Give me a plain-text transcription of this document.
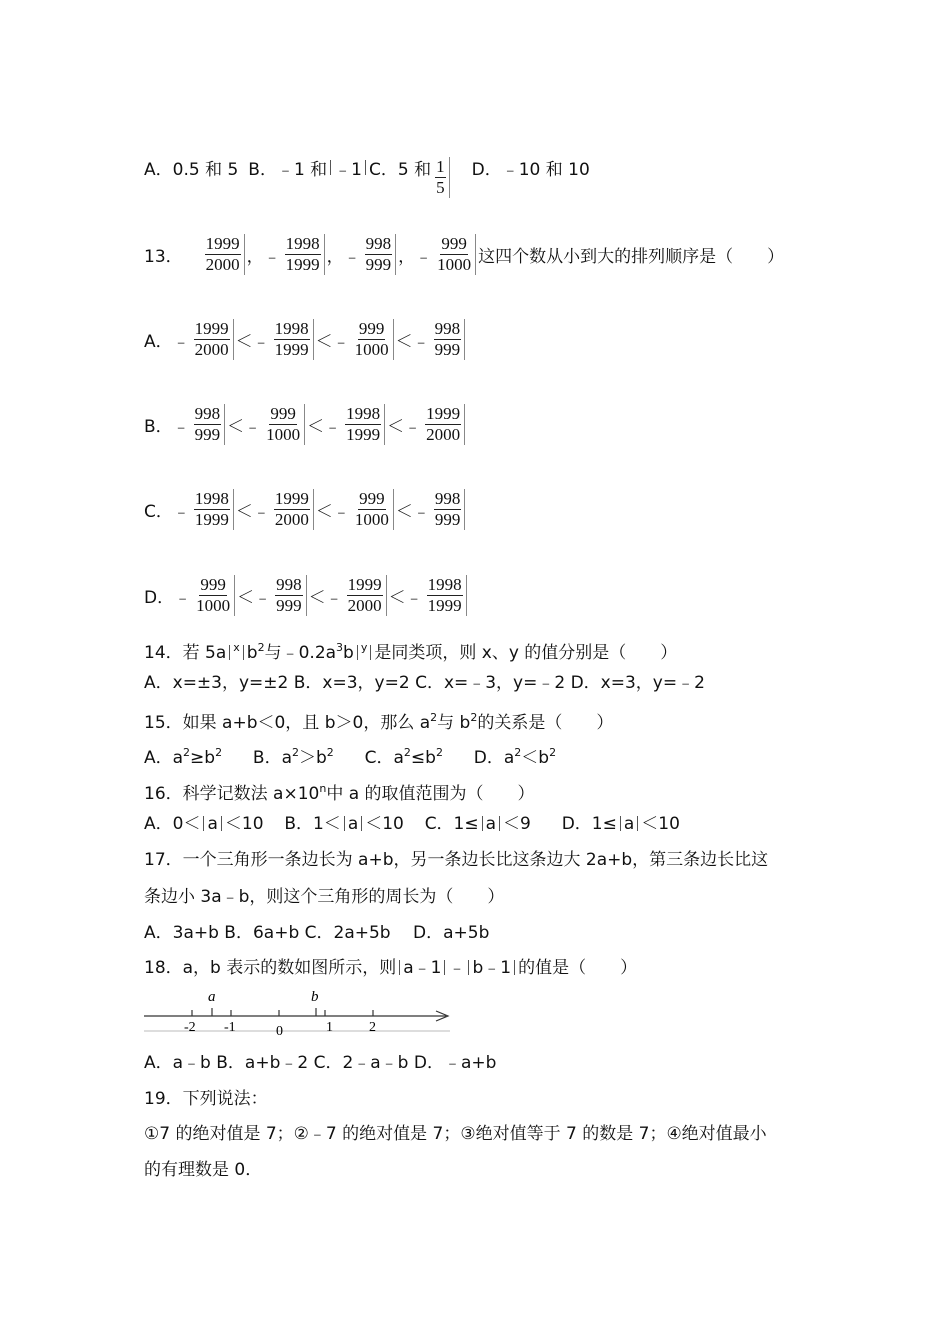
A．0.5 和 5 B．﹣1 和 ﹣1 C．5 和 $\frac{1}{5}$ D．﹣10 和 10
13． $\frac{1999}{2000}$ ，﹣ $\frac{1998}{1999}$ ，﹣ $\frac{998}{999}$ ，﹣ $\frac{999}{1000}$ 这四个数从小到大的排列顺序是（　　）
A．﹣ $\frac{1999}{2000}$ ＜﹣ $\frac{1998}{1999}$ ＜﹣ $\frac{999}{1000}$ ＜﹣ $\frac{998}{999}$
B．﹣ $\frac{998}{999}$ ＜﹣ $\frac{999}{1000}$ ＜﹣ $\frac{1998}{1999}$ ＜﹣ $\frac{1999}{2000}$
C．﹣ $\frac{1998}{1999}$ ＜﹣ $\frac{1999}{2000}$ ＜﹣ $\frac{999}{1000}$ ＜﹣ $\frac{998}{999}$
D．﹣ $\frac{999}{1000}$ ＜﹣ $\frac{998}{999}$ ＜﹣ $\frac{1999}{2000}$ ＜﹣ $\frac{1998}{1999}$
14．若 5a $^x$ $b^2$与$﹣0.2a^3b$ $^y$ 是同类项，则 x、y 的值分别是（　　）
A．x=±3，y=±2 B．x=3，y=2 C．x=﹣3，y=﹣2 D．x=3，y=﹣2
15．如果 a+b＜0，且 b＞0，那么 $a^2$与 $b^2$的关系是（　　）
A．$a^2\ge b^2$ B．$a^2>b^2$ C．$a^2\le b^2$ D．$a^2<b^2$
16．科学记数法 $a\times 10^n$中 a 的取值范围为（　　）
A．0＜ a ＜10 B．1＜ a ＜10 C．1≤ a ＜9 D．1≤ a ＜10
17．一个三角形一条边长为 a+b，另一条边长比这条边大 2a+b，第三条边长比这
条边小 3a﹣b，则这个三角形的周长为（　　）
A．3a+b B．6a+b C．2a+5b　 D．a+5b
18．a，b 表示的数如图所示，则 a﹣1 ﹣ b﹣1 的值是（　　）
a	b
-2 -1	0	1	2
A．a﹣b B．a+b﹣2 C．2﹣a﹣b D．﹣a+b
19．下列说法：
①7 的绝对值是 7；②﹣7 的绝对值是 7；③绝对值等于 7 的数是 7；④绝对值最小
的有理数是 0．
